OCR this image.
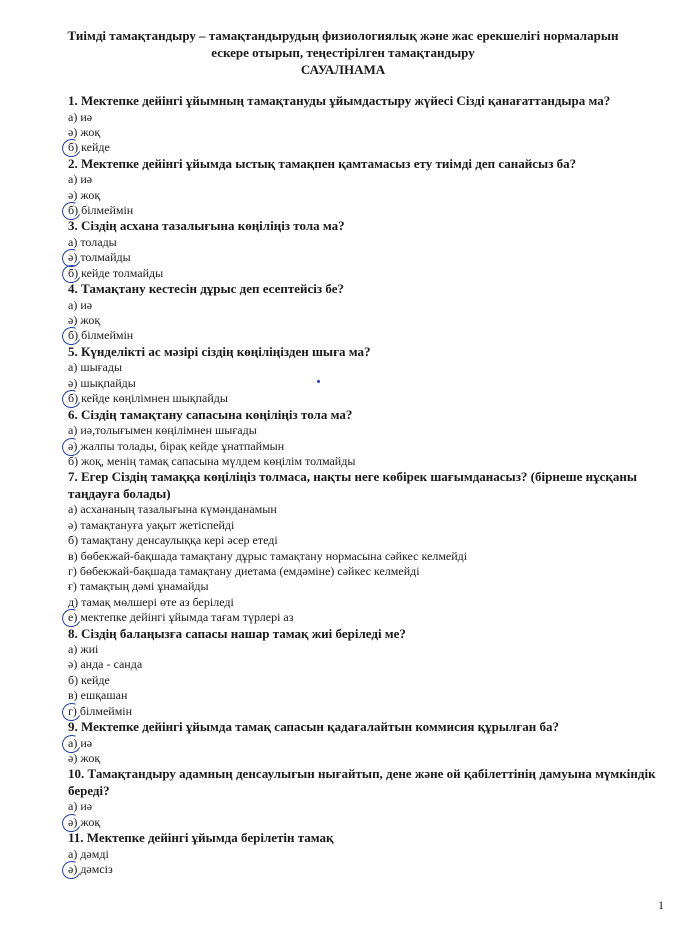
Тиімді тамақтандыру – тамақтандырудың физиологиялық және жас ерекшелігі нормаларын
ескере отырып, теңестірілген тамақтандыру
САУАЛНАМА
1. Мектепке дейінгі ұйымның тамақтануды ұйымдастыру жүйесі Сізді қанағаттандыра ма?
а) иә
ә) жоқ
б) кейде
2. Мектепке дейінгі ұйымда ыстық тамақпен қамтамасыз ету тиімді деп санайсыз ба?
а) иә
ә) жоқ
б) білмеймін
3. Сіздің асхана тазалығына көңіліңіз тола ма?
а) толады
ә) толмайды
б) кейде толмайды
4. Тамақтану кестесін дұрыс деп есептейсіз бе?
а) иә
ә) жоқ
б) білмеймін
5. Күнделікті ас мәзірі сіздің көңіліңізден шыға ма?
а) шығады
ә) шықпайды
б) кейде көңілімнен шықпайды
6. Сіздің тамақтану сапасына көңіліңіз тола ма?
а) иә,толығымен көңілімнен шығады
ә) жалпы толады, бірақ кейде ұнатпаймын
б) жоқ, менің тамақ сапасына мүлдем көңілім толмайды
7. Егер Сіздің тамаққа көңіліңіз толмаса, нақты неге көбірек шағымданасыз? (бірнеше нұсқаны таңдауға болады)
а) асхананың тазалығына күмәнданамын
ә) тамақтануға уақыт жетіспейді
б) тамақтану денсаулыққа кері әсер етеді
в) бөбекжай-бақшада тамақтану дұрыс тамақтану нормасына сәйкес келмейді
г) бөбекжай-бақшада тамақтану диетама (емдәміне) сәйкес келмейді
ғ) тамақтың дәмі ұнамайды
д) тамақ мөлшері өте аз беріледі
е) мектепке дейінгі ұйымда тағам түрлері аз
8. Сіздің балаңызға сапасы нашар тамақ жиі беріледі ме?
а) жиі
ә) анда - санда
б) кейде
в) ешқашан
г) білмеймін
9. Мектепке дейінгі ұйымда тамақ сапасын қадағалайтын коммисия құрылған ба?
а) иә
ә) жоқ
10. Тамақтандыру адамның денсаулығын нығайтып, дене және ой қабілеттінің дамуына мүмкіндік береді?
а) иә
ә) жоқ
11. Мектепке дейінгі ұйымда берілетін тамақ
а) дәмді
ә) дәмсіз
1
